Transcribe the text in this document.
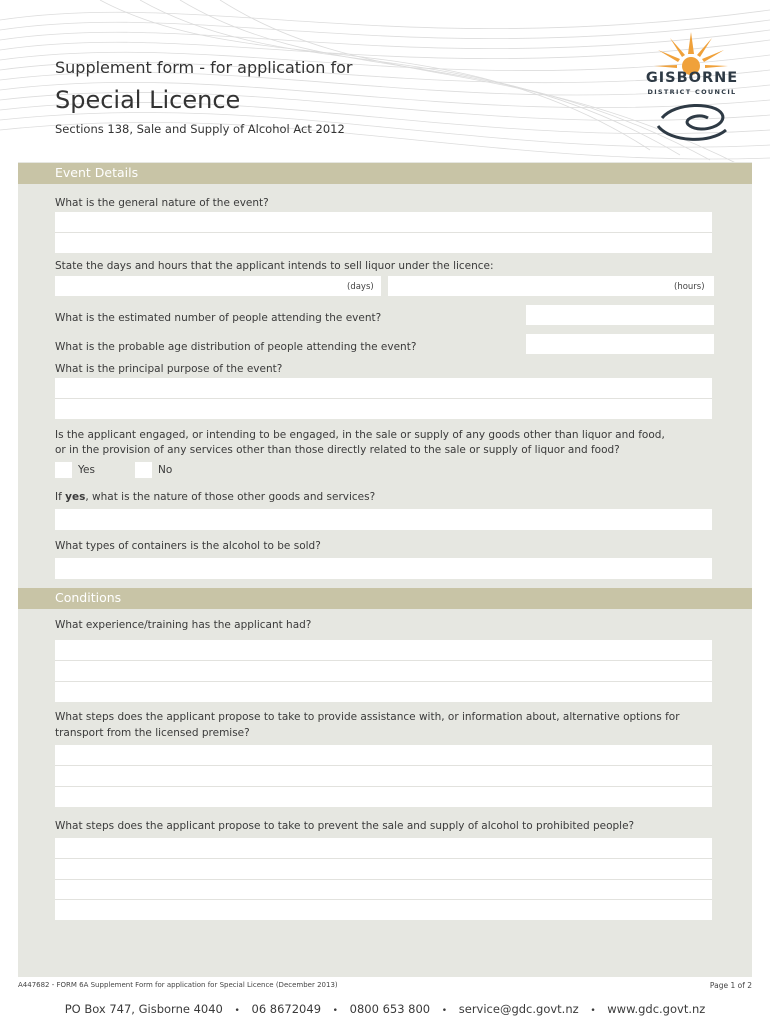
Supplement form - for application for
Special Licence
Sections 138, Sale and Supply of Alcohol Act 2012
GISBORNE
DISTRICT COUNCIL
Event Details
What is the general nature of the event?
State the days and hours that the applicant intends to sell liquor under the licence:
(days)	(hours)
What is the estimated number of people attending the event?
What is the probable age distribution of people attending the event?
What is the principal purpose of the event?
Is the applicant engaged, or intending to be engaged, in the sale or supply of any goods other than liquor and food,
or in the provision of any services other than those directly related to the sale or supply of liquor and food?
Yes	No
If yes, what is the nature of those other goods and services?
What types of containers is the alcohol to be sold?
Conditions
What experience/training has the applicant had?
What steps does the applicant propose to take to provide assistance with, or information about, alternative options for
transport from the licensed premise?
What steps does the applicant propose to take to prevent the sale and supply of alcohol to prohibited people?
A447682 - FORM 6A Supplement Form for application for Special Licence (December 2013)	Page 1 of 2
PO Box 747, Gisborne 4040 • 06 8672049 • 0800 653 800 • service@gdc.govt.nz • www.gdc.govt.nz
